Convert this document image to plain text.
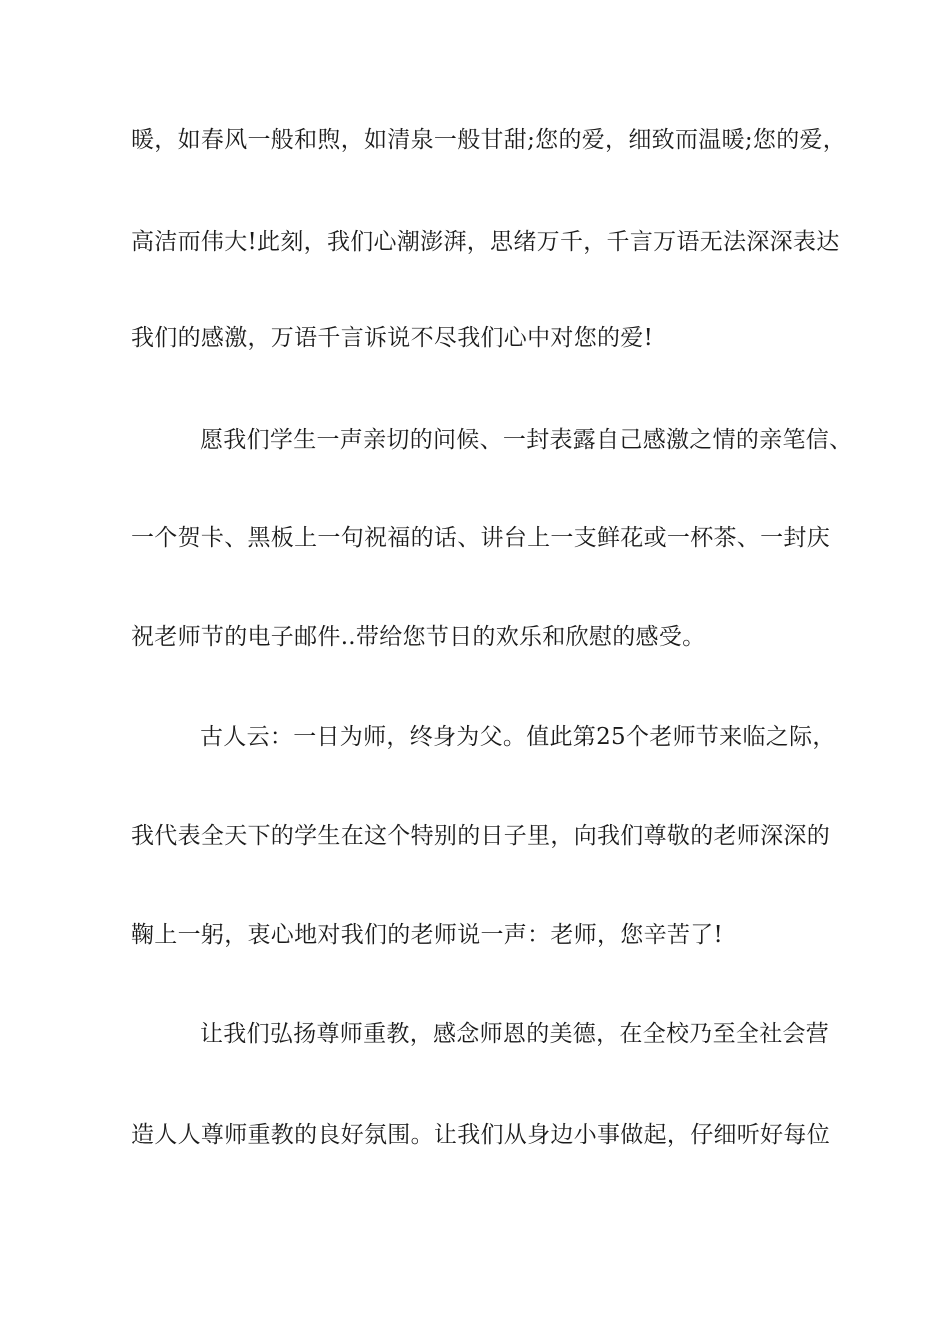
暖，如春风一般和煦，如清泉一般甘甜;您的爱，细致而温暖;您的爱，
高洁而伟大!此刻，我们心潮澎湃，思绪万千，千言万语无法深深表达
我们的感激，万语千言诉说不尽我们心中对您的爱!
愿我们学生一声亲切的问候、一封表露自己感激之情的亲笔信、
一个贺卡、黑板上一句祝福的话、讲台上一支鲜花或一杯茶、一封庆
祝老师节的电子邮件..带给您节日的欢乐和欣慰的感受。
古人云：一日为师，终身为父。值此第25个老师节来临之际，
我代表全天下的学生在这个特别的日子里，向我们尊敬的老师深深的
鞠上一躬，衷心地对我们的老师说一声：老师，您辛苦了!
让我们弘扬尊师重教，感念师恩的美德，在全校乃至全社会营
造人人尊师重教的良好氛围。让我们从身边小事做起，仔细听好每位
